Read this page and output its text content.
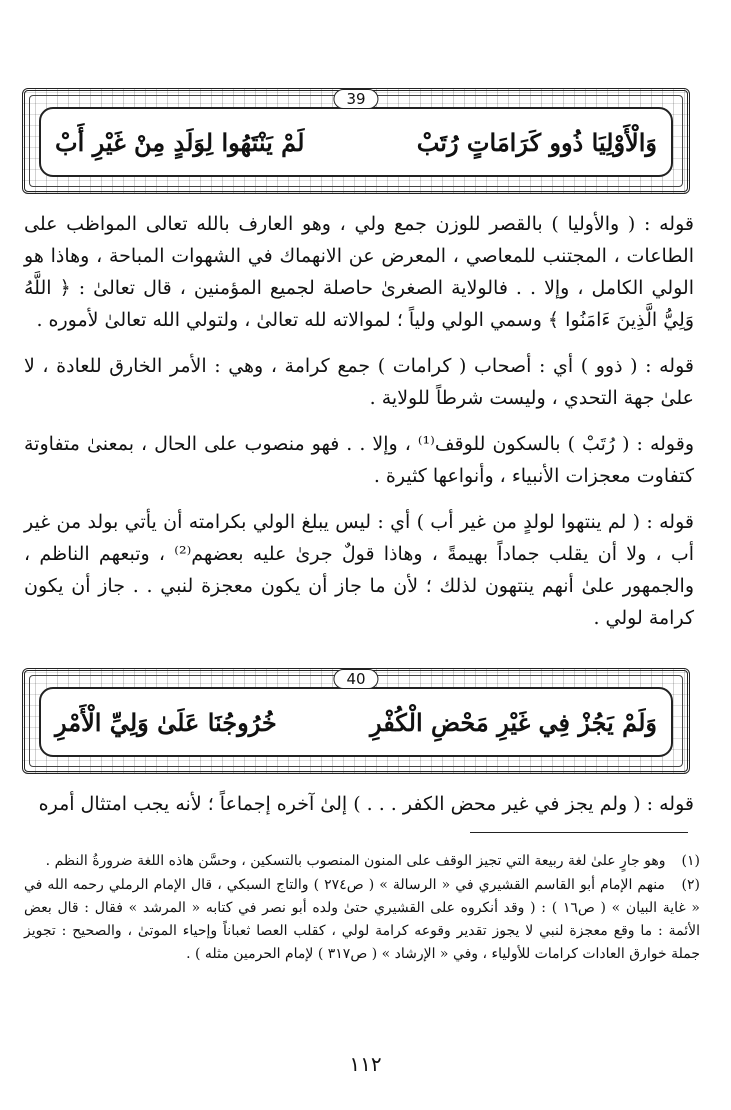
39
وَالْأَوْلِيَا ذُوو كَرَامَاتٍ رُتَبْ
لَمْ يَنْتَهُوا لِوَلَدٍ مِنْ غَيْرِ أَبْ

قوله : ( والأوليا ) بالقصر للوزن جمع ولي ، وهو العارف بالله تعالى المواظب على الطاعات ، المجتنب للمعاصي ، المعرض عن الانهماك في الشهوات المباحة ، وهاذا هو الولي الكامل ، وإلا . . فالولاية الصغرىٰ حاصلة لجميع المؤمنين ، قال تعالىٰ : ﴿ اللَّهُ وَلِيُّ الَّذِينَ ءَامَنُوا ﴾ وسمي الولي ولياً ؛ لموالاته لله تعالىٰ ، ولتولي الله تعالىٰ لأموره .

قوله : ( ذوو ) أي : أصحاب ( كرامات ) جمع كرامة ، وهي : الأمر الخارق للعادة ، لا علىٰ جهة التحدي ، وليست شرطاً للولاية .

وقوله : ( رُتَبْ ) بالسكون للوقف⁽¹⁾ ، وإلا . . فهو منصوب على الحال ، بمعنىٰ متفاوتة كتفاوت معجزات الأنبياء ، وأنواعها كثيرة .

قوله : ( لم ينتهوا لولدٍ من غير أب ) أي : ليس يبلغ الولي بكرامته أن يأتي بولد من غير أب ، ولا أن يقلب جماداً بهيمةً ، وهاذا قولٌ جرىٰ عليه بعضهم⁽²⁾ ، وتبعهم الناظم ، والجمهور علىٰ أنهم ينتهون لذلك ؛ لأن ما جاز أن يكون معجزة لنبي . . جاز أن يكون كرامة لولي .

40
وَلَمْ يَجُزْ فِي غَيْرِ مَحْضِ الْكُفْرِ
خُرُوجُنَا عَلَىٰ وَلِيِّ الْأَمْرِ

قوله : ( ولم يجز في غير محض الكفر . . . ) إلىٰ آخره إجماعاً ؛ لأنه يجب امتثال أمره

(١) وهو جارٍ علىٰ لغة ربيعة التي تجيز الوقف على المنون المنصوب بالتسكين ، وحسَّن هاذه اللغة ضرورةُ النظم .

(٢) منهم الإمام أبو القاسم القشيري في « الرسالة » ( ص٢٧٤ ) والتاج السبكي ، قال الإمام الرملي رحمه الله في « غاية البيان » ( ص١٦ ) : ( وقد أنكروه على القشيري حتىٰ ولده أبو نصر في كتابه « المرشد » فقال : قال بعض الأئمة : ما وقع معجزة لنبي لا يجوز تقدير وقوعه كرامة لولي ، كقلب العصا ثعباناً وإحياء الموتىٰ ، والصحيح : تجويز جملة خوارق العادات كرامات للأولياء ، وفي « الإرشاد » ( ص٣١٧ ) لإمام الحرمين مثله ) .

١١٢
